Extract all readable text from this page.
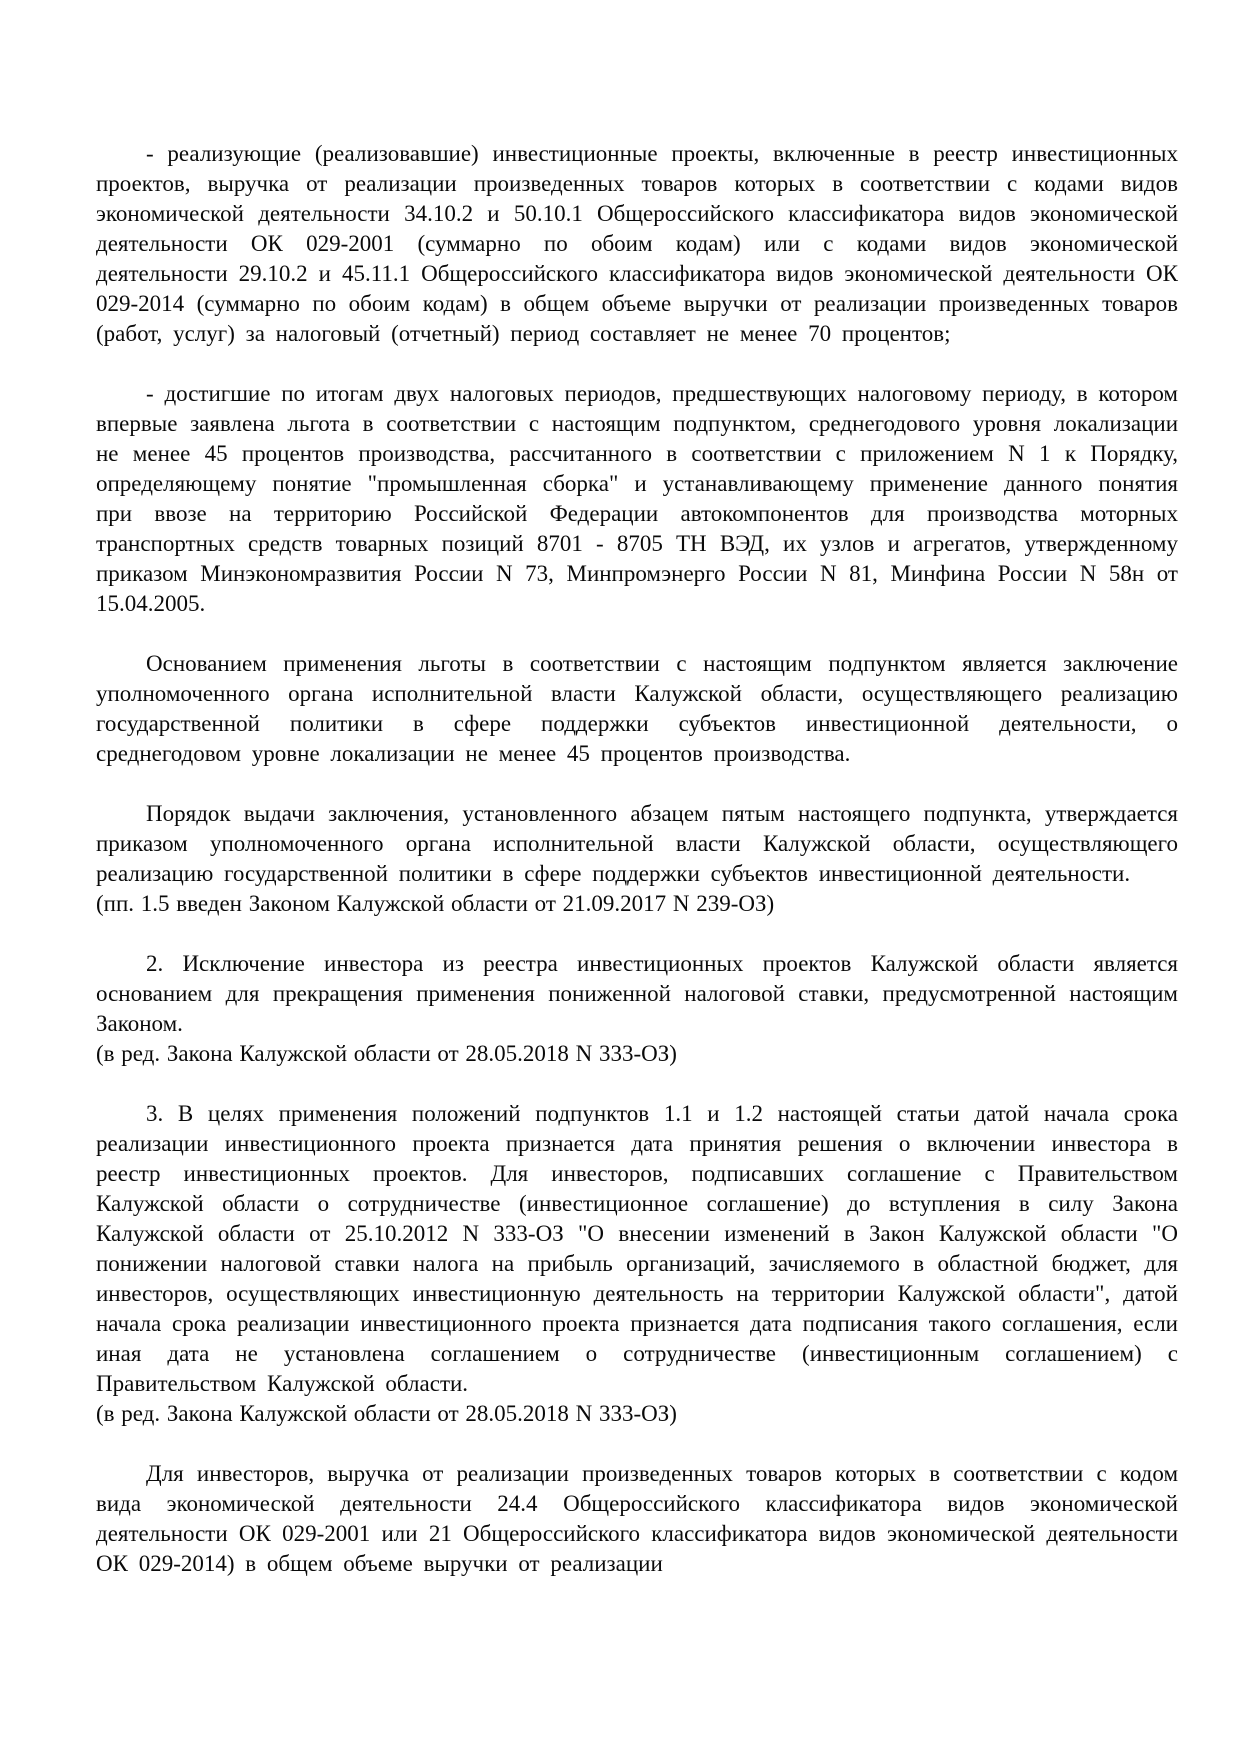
- реализующие (реализовавшие) инвестиционные проекты, включенные в реестр инвестиционных проектов, выручка от реализации произведенных товаров которых в соответствии с кодами видов экономической деятельности 34.10.2 и 50.10.1 Общероссийского классификатора видов экономической деятельности ОК 029-2001 (суммарно по обоим кодам) или с кодами видов экономической деятельности 29.10.2 и 45.11.1 Общероссийского классификатора видов экономической деятельности ОК 029-2014 (суммарно по обоим кодам) в общем объеме выручки от реализации произведенных товаров (работ, услуг) за налоговый (отчетный) период составляет не менее 70 процентов;

- достигшие по итогам двух налоговых периодов, предшествующих налоговому периоду, в котором впервые заявлена льгота в соответствии с настоящим подпунктом, среднегодового уровня локализации не менее 45 процентов производства, рассчитанного в соответствии с приложением N 1 к Порядку, определяющему понятие "промышленная сборка" и устанавливающему применение данного понятия при ввозе на территорию Российской Федерации автокомпонентов для производства моторных транспортных средств товарных позиций 8701 - 8705 ТН ВЭД, их узлов и агрегатов, утвержденному приказом Минэкономразвития России N 73, Минпромэнерго России N 81, Минфина России N 58н от 15.04.2005.

Основанием применения льготы в соответствии с настоящим подпунктом является заключение уполномоченного органа исполнительной власти Калужской области, осуществляющего реализацию государственной политики в сфере поддержки субъектов инвестиционной деятельности, о среднегодовом уровне локализации не менее 45 процентов производства.

Порядок выдачи заключения, установленного абзацем пятым настоящего подпункта, утверждается приказом уполномоченного органа исполнительной власти Калужской области, осуществляющего реализацию государственной политики в сфере поддержки субъектов инвестиционной деятельности.

(пп. 1.5 введен Законом Калужской области от 21.09.2017 N 239-ОЗ)

2. Исключение инвестора из реестра инвестиционных проектов Калужской области является основанием для прекращения применения пониженной налоговой ставки, предусмотренной настоящим Законом.

(в ред. Закона Калужской области от 28.05.2018 N 333-ОЗ)

3. В целях применения положений подпунктов 1.1 и 1.2 настоящей статьи датой начала срока реализации инвестиционного проекта признается дата принятия решения о включении инвестора в реестр инвестиционных проектов. Для инвесторов, подписавших соглашение с Правительством Калужской области о сотрудничестве (инвестиционное соглашение) до вступления в силу Закона Калужской области от 25.10.2012 N 333-ОЗ "О внесении изменений в Закон Калужской области "О понижении налоговой ставки налога на прибыль организаций, зачисляемого в областной бюджет, для инвесторов, осуществляющих инвестиционную деятельность на территории Калужской области", датой начала срока реализации инвестиционного проекта признается дата подписания такого соглашения, если иная дата не установлена соглашением о сотрудничестве (инвестиционным соглашением) с Правительством Калужской области.

(в ред. Закона Калужской области от 28.05.2018 N 333-ОЗ)

Для инвесторов, выручка от реализации произведенных товаров которых в соответствии с кодом вида экономической деятельности 24.4 Общероссийского классификатора видов экономической деятельности ОК 029-2001 или 21 Общероссийского классификатора видов экономической деятельности ОК 029-2014) в общем объеме выручки от реализации
